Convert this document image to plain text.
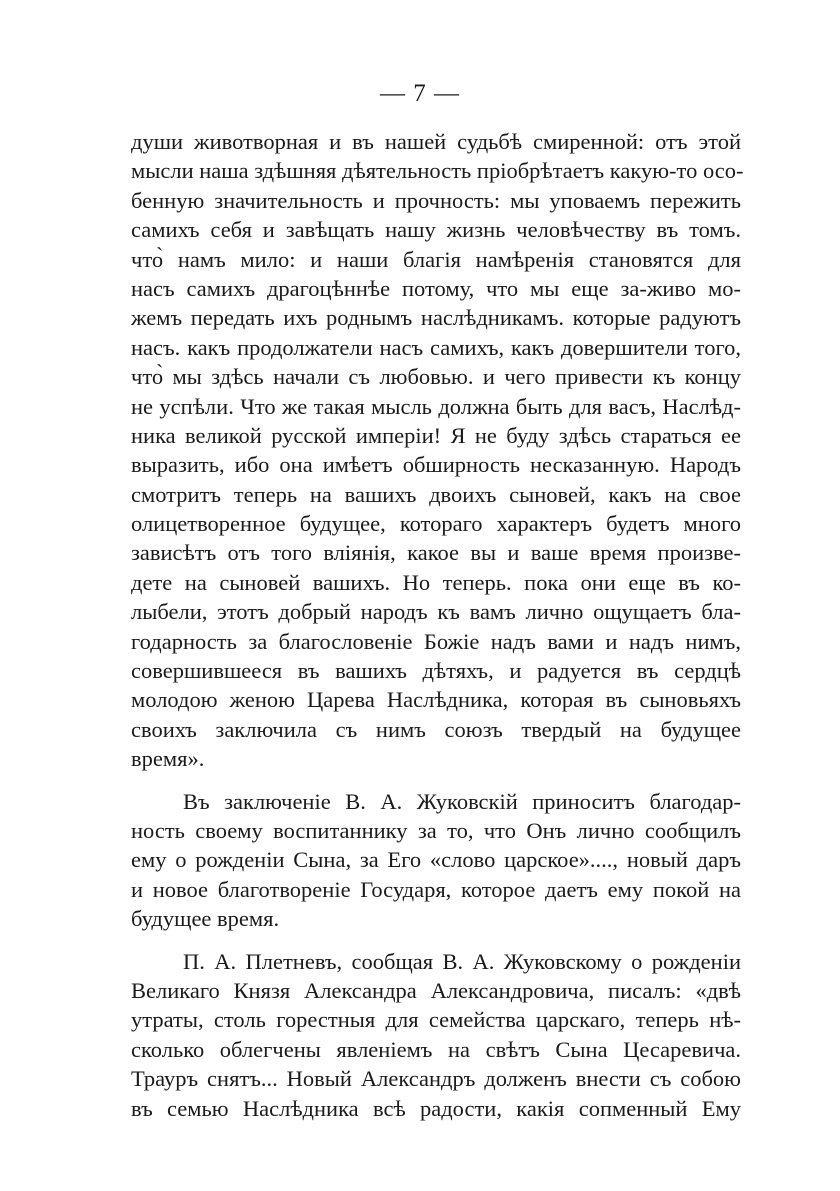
— 7 —
души животворная и въ нашей судьбѣ смиренной: отъ этой
мысли наша здѣшняя дѣятельность пріобрѣтаетъ какую-то осо-
бенную значительность и прочность: мы уповаемъ пережить
самихъ себя и завѣщать нашу жизнь человѣчеству въ томъ.
что̀ намъ мило: и наши благія намѣренія становятся для
насъ самихъ драгоцѣннѣе потому, что мы еще за-живо мо-
жемъ передать ихъ роднымъ наслѣдникамъ. которые радуютъ
насъ. какъ продолжатели насъ самихъ, какъ довершители того,
что̀ мы здѣсь начали съ любовью. и чего привести къ концу
не успѣли. Что же такая мысль должна быть для васъ, Наслѣд-
ника великой русской имперіи! Я не буду здѣсь стараться ее
выразить, ибо она имѣетъ обширность несказанную. Народъ
смотритъ теперь на вашихъ двоихъ сыновей, какъ на свое
олицетворенное будущее, котораго характеръ будетъ много
зависѣтъ отъ того вліянія, какое вы и ваше время произве-
дете на сыновей вашихъ. Но теперь. пока они еще въ ко-
лыбели, этотъ добрый народъ къ вамъ лично ощущаетъ бла-
годарность за благословеніе Божіе надъ вами и надъ нимъ,
совершившееся въ вашихъ дѣтяхъ, и радуется въ сердцѣ
молодою женою Царева Наслѣдника, которая въ сыновьяхъ
своихъ заключила съ нимъ союзъ твердый на будущее
время».
Въ заключеніе В. А. Жуковскій приноситъ благодар-
ность своему воспитаннику за то, что Онъ лично сообщилъ
ему о рожденіи Сына, за Его «слово царское»...., новый даръ
и новое благотвореніе Государя, которое даетъ ему покой на
будущее время.
П. А. Плетневъ, сообщая В. А. Жуковскому о рожденіи
Великаго Князя Александра Александровича, писалъ: «двѣ
утраты, столь горестныя для семейства царскаго, теперь нѣ-
сколько облегчены явленіемъ на свѣтъ Сына Цесаревича.
Трауръ снятъ... Новый Александръ долженъ внести съ собою
въ семью Наслѣдника всѣ радости, какія сопменный Ему
